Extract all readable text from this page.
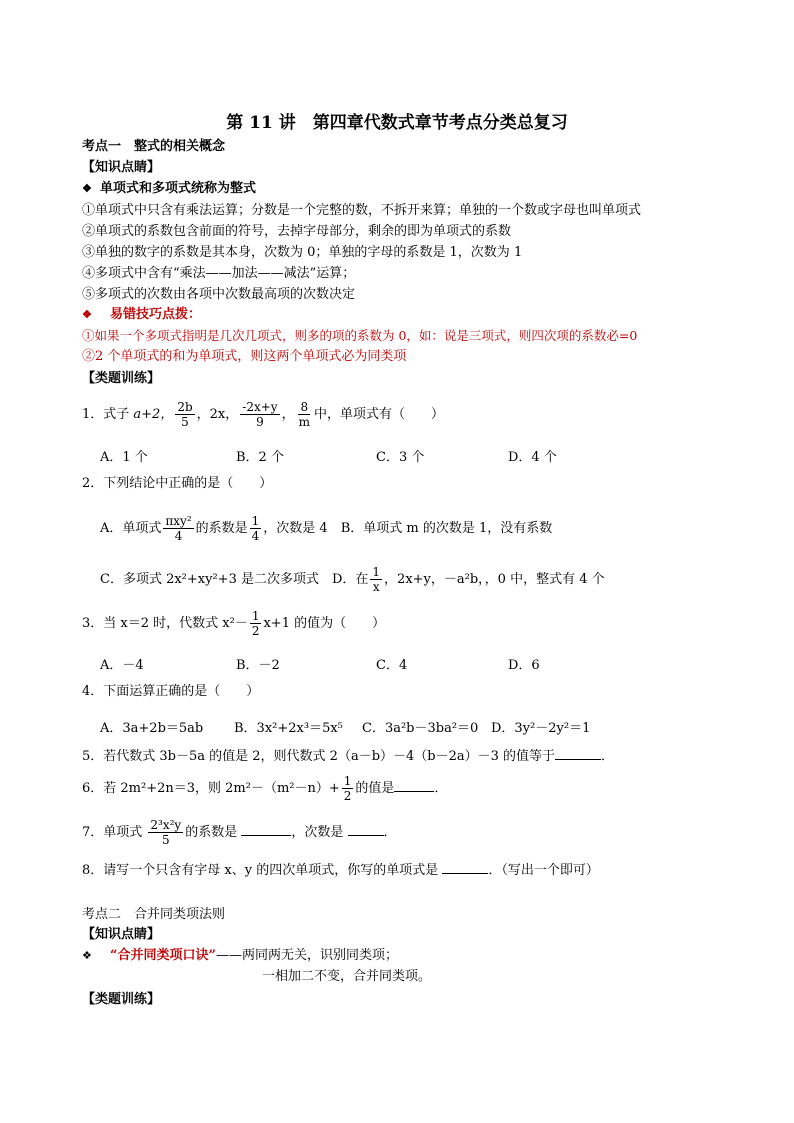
第 11 讲　第四章代数式章节考点分类总复习
考点一　整式的相关概念
【知识点睛】
❖ 单项式和多项式统称为整式
①单项式中只含有乘法运算；分数是一个完整的数，不拆开来算；单独的一个数或字母也叫单项式
②单项式的系数包含前面的符号，去掉字母部分，剩余的即为单项式的系数
③单独的数字的系数是其本身，次数为 0；单独的字母的系数是 1，次数为 1
④多项式中含有“乘法——加法——减法”运算；
⑤多项式的次数由各项中次数最高项的次数决定
❖ 易错技巧点拨：
①如果一个多项式指明是几次几项式，则多的项的系数为 0，如：说是三项式，则四次项的系数必=0
②2 个单项式的和为单项式，则这两个单项式必为同类项
【类题训练】
1．式子 a+2， $\frac{2b}{5}$ ，2x， $\frac{-2x+y}{9}$ ， $\frac{8}{m}$ 中，单项式有（　　）
A．1 个	B．2 个	C．3 个	D．4 个
2．下列结论中正确的是（　　）
A．单项式 $\frac{\text{πxy²}}{4}$ 的系数是 $\frac{1}{4}$ ，次数是 4　B．单项式 m 的次数是 1，没有系数
C．多项式 2x²+xy²+3 是二次多项式　D．在 $\frac{1}{x}$ ，2x+y，－a²b，，0 中，整式有 4 个
3．当 x＝2 时，代数式 $x^2- \frac{1}{2} x+1$ 的值为（　　）
A．－4	B．－2	C．4	D．6
4．下面运算正确的是（　　）
A．3a+2b＝5ab B．3x²+2x³＝5x⁵ C．3a²b－3ba²＝0 D．3y²－2y²＝1
5．若代数式 3b－5a 的值是 2，则代数式 2（a－b）－4（b－2a）－3 的值等于	．
6．若 2m²+2n＝3，则 $2m^2-(m^2-n)+ \frac{1}{2}$ 的值是	．
7．单项式 $\frac{\text{2³x²y}}{5}$ 的系数是	，次数是	．
8．请写一个只含有字母 x、y 的四次单项式，你写的单项式是	．（写出一个即可）
考点二　合并同类项法则
【知识点睛】
❖ “合并同类项口诀”——两同两无关，识别同类项；
一相加二不变，合并同类项。
【类题训练】
